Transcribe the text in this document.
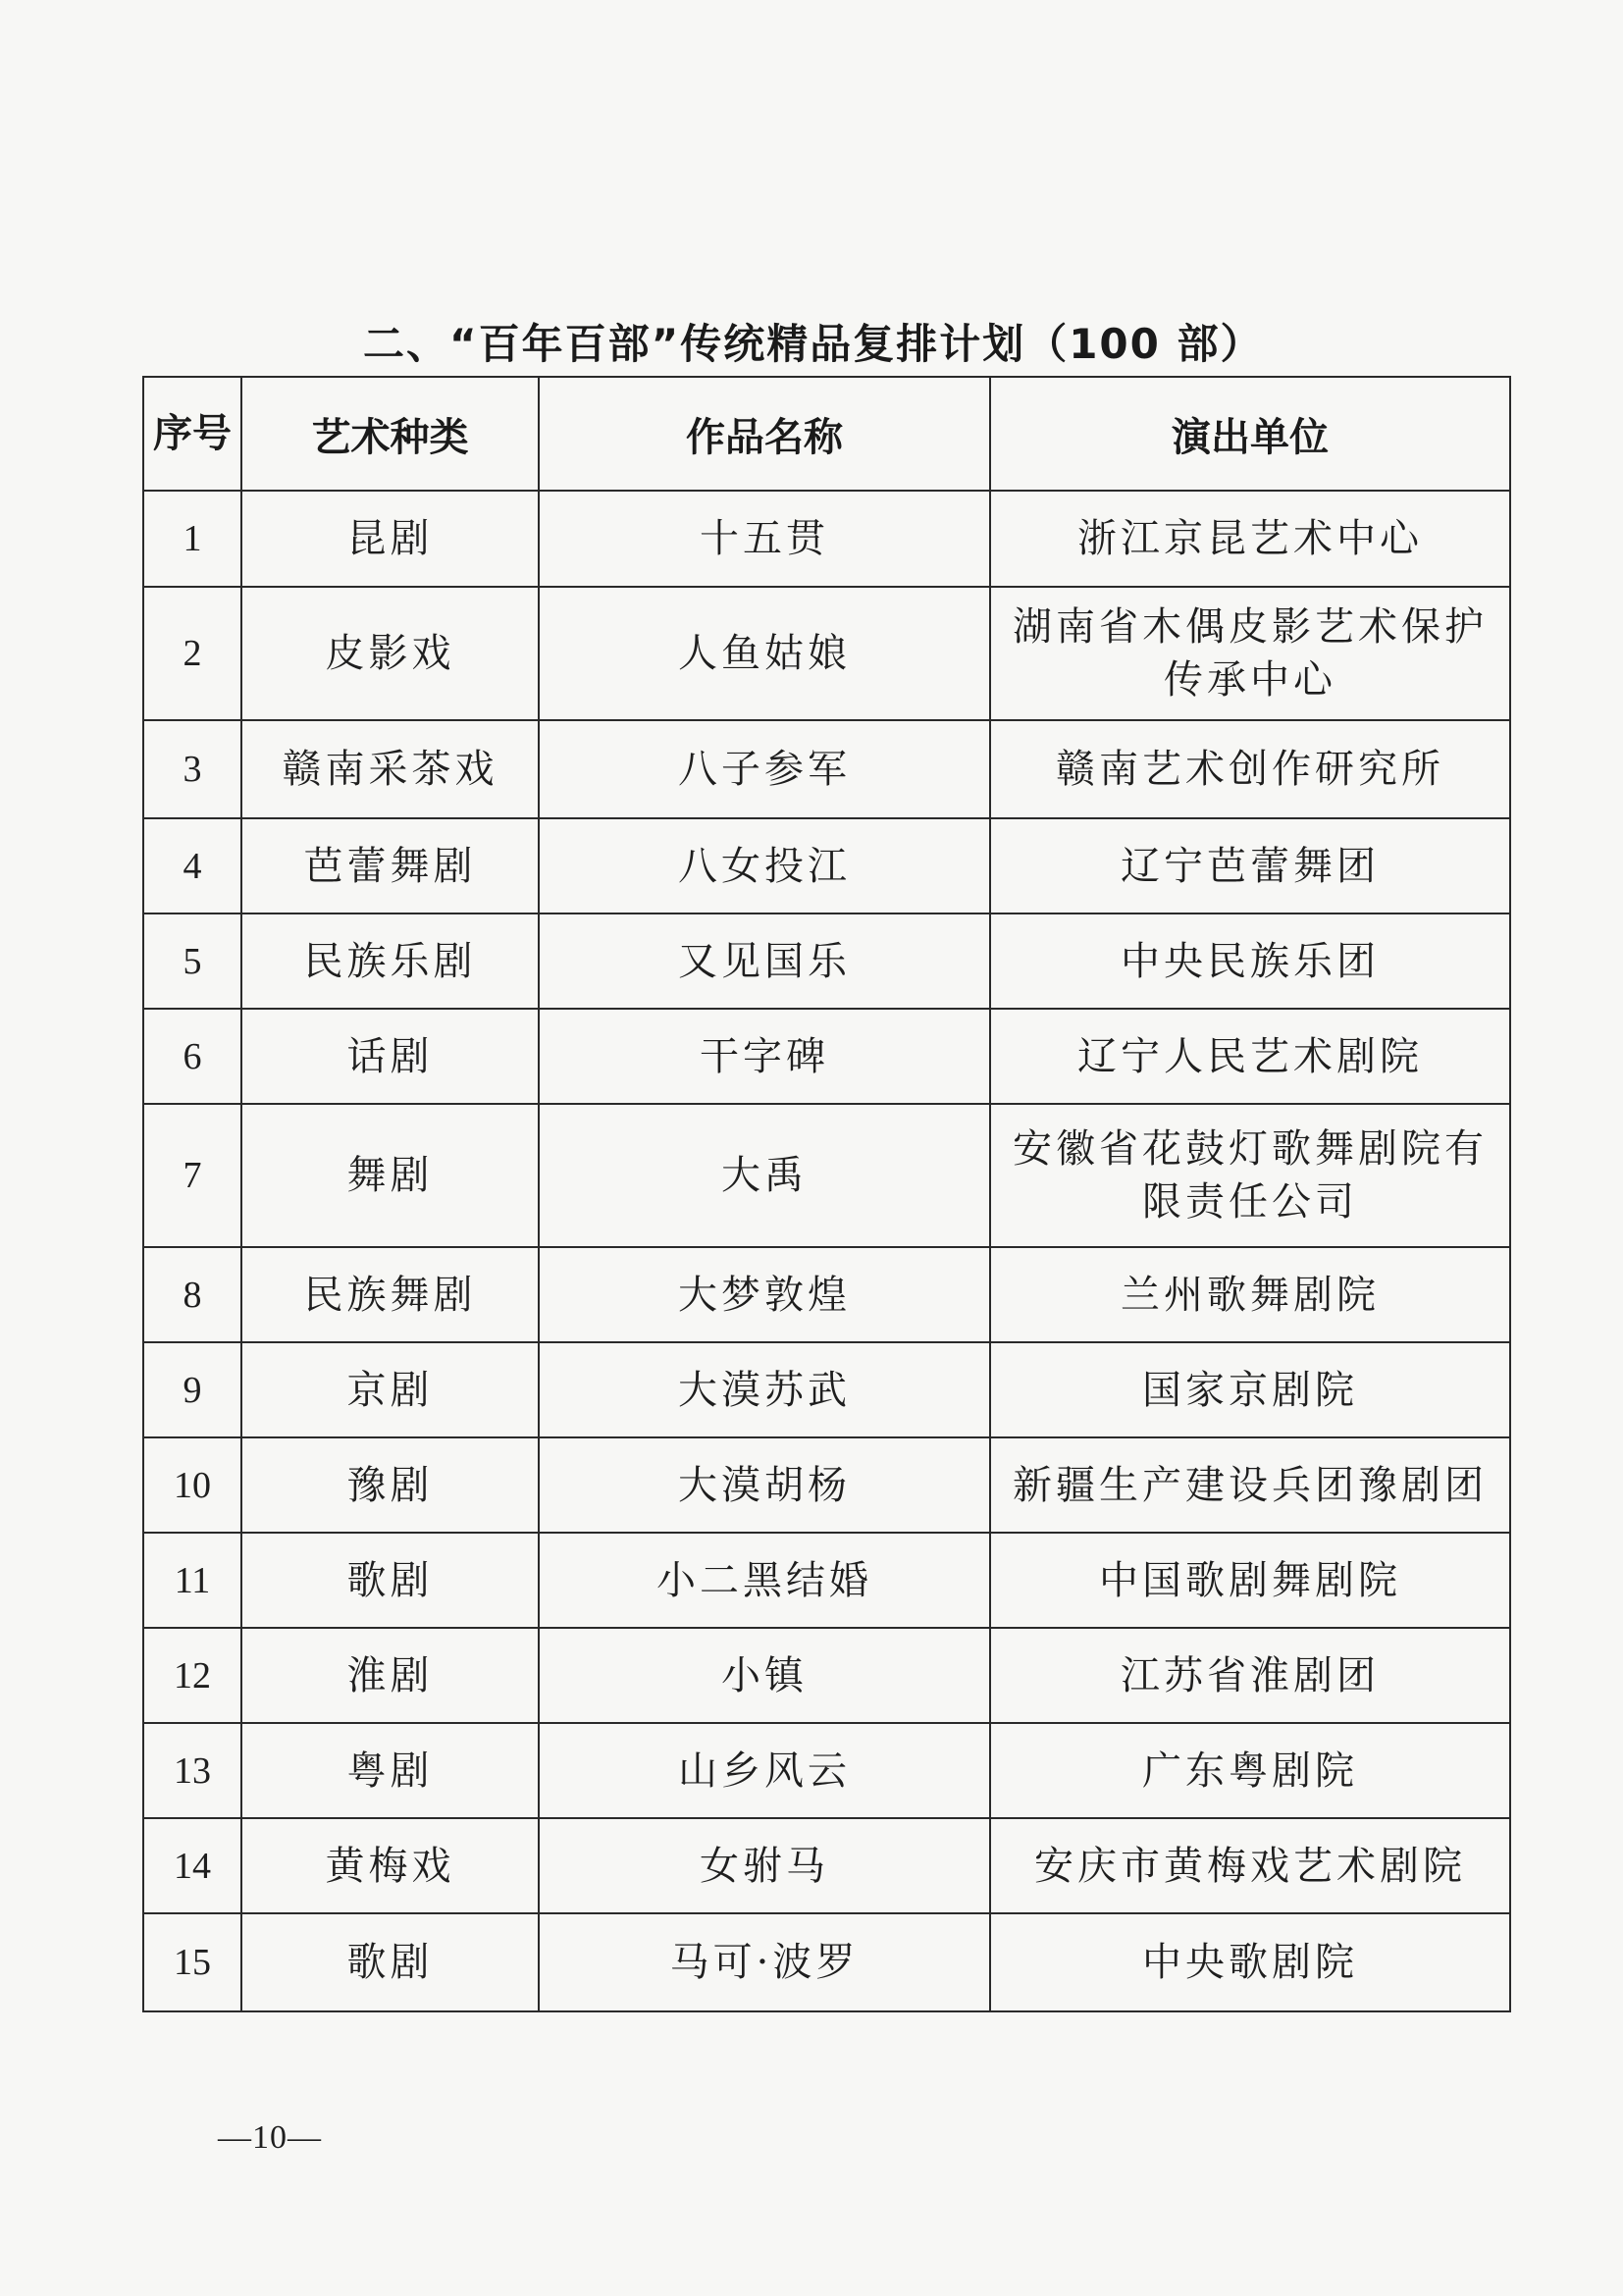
二、“百年百部”传统精品复排计划（100 部）
序号	艺术种类	作品名称	演出单位
1	昆剧	十五贯	浙江京昆艺术中心
2	皮影戏	人鱼姑娘	湖南省木偶皮影艺术保护传承中心
3	赣南采茶戏	八子参军	赣南艺术创作研究所
4	芭蕾舞剧	八女投江	辽宁芭蕾舞团
5	民族乐剧	又见国乐	中央民族乐团
6	话剧	干字碑	辽宁人民艺术剧院
7	舞剧	大禹	安徽省花鼓灯歌舞剧院有限责任公司
8	民族舞剧	大梦敦煌	兰州歌舞剧院
9	京剧	大漠苏武	国家京剧院
10	豫剧	大漠胡杨	新疆生产建设兵团豫剧团
11	歌剧	小二黑结婚	中国歌剧舞剧院
12	淮剧	小镇	江苏省淮剧团
13	粤剧	山乡风云	广东粤剧院
14	黄梅戏	女驸马	安庆市黄梅戏艺术剧院
15	歌剧	马可·波罗	中央歌剧院
—10—
